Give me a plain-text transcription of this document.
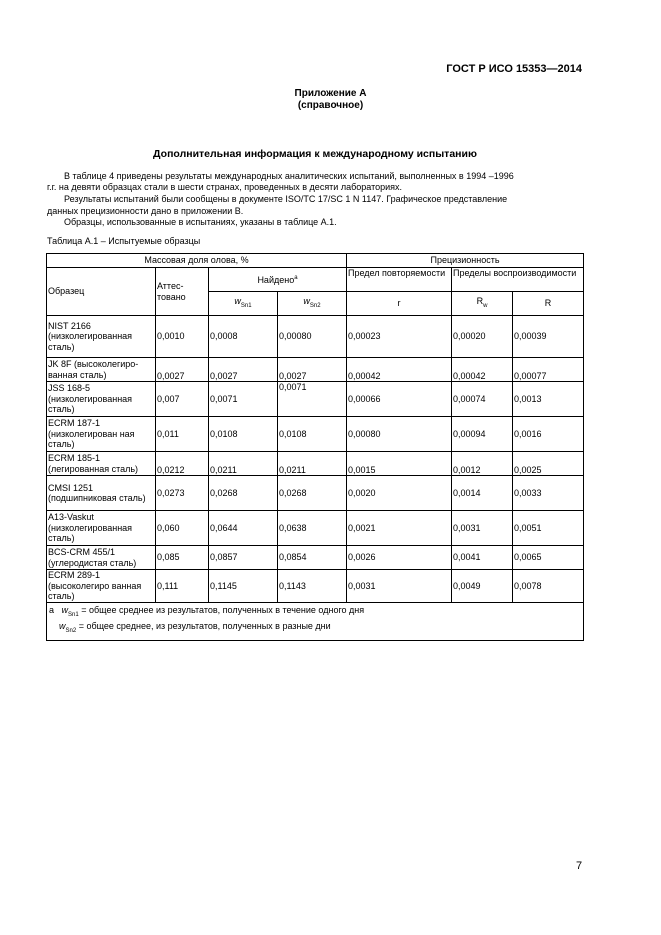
ГОСТ Р ИСО 15353—2014
Приложение А
(справочное)
Дополнительная информация к международному испытанию
В таблице 4 приведены результаты международных аналитических испытаний, выполненных в 1994 –1996
г.г. на девяти образцах стали в шести странах, проведенных в десяти лабораториях.
Результаты испытаний были сообщены в документе ISO/TC 17/SC 1 N 1147. Графическое представление
данных прецизионности дано в приложении В.
Образцы, использованные в испытаниях, указаны в таблице А.1.
Таблица А.1 – Испытуемые образцы
Массовая доля олова, %				Прецизионность		
Образец	Аттес-тованo	Найдено$^a$		Предел повторяемости	Пределы воспроизводимости	
		$w_{Sn1}$	$w_{Sn2}$	r	$R_w$	R
NIST 2166 (низколегированная сталь)	0,0010	0,0008	0,00080	0,00023	0,00020	0,00039
JK 8F (высоколегиро-ванная сталь)	0,0027	0,0027	0,0027	0,00042	0,00042	0,00077
JSS 168-5 (низколегированная сталь)	0,007	0,0071	0,0071	0,00066	0,00074	0,0013
ECRM 187-1 (низколегирован ная сталь)	0,011	0,0108	0,0108	0,00080	0,00094	0,0016
ECRM 185-1 (легированная сталь)	0,0212	0,0211	0,0211	0,0015	0,0012	0,0025
CMSI 1251 (подшипниковая сталь)	0,0273	0,0268	0,0268	0,0020	0,0014	0,0033
A13-Vaskut (низколегированная сталь)	0,060	0,0644	0,0638	0,0021	0,0031	0,0051
BCS-CRM 455/1 (углеродистая сталь)	0,085	0,0857	0,0854	0,0026	0,0041	0,0065
ECRM 289-1 (высоколегиро ванная сталь)	0,111	0,1145	0,1143	0,0031	0,0049	0,0078

a $w_{Sn1}$ = общее среднее из результатов, полученных в течение одного дня
$w_{Sn2}$ = общее среднее, из результатов, полученных в разные дни						
7
